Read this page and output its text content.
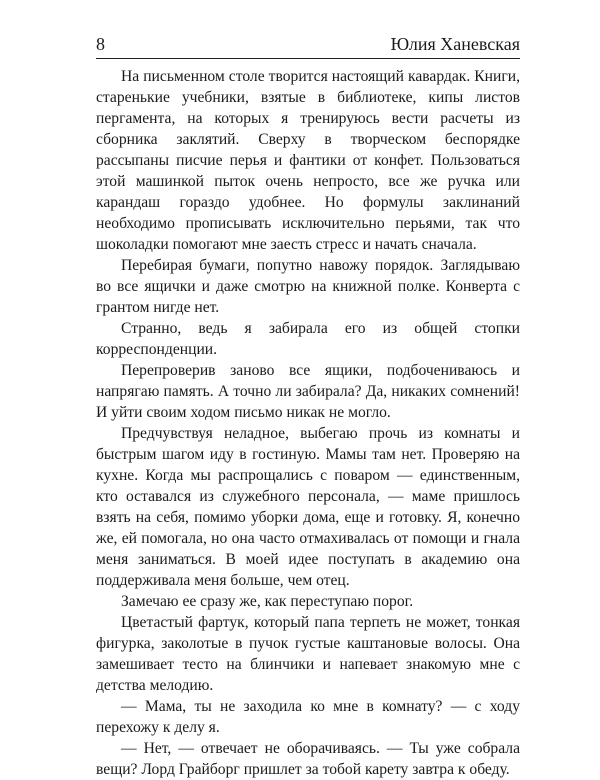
8	Юлия Ханевская

На письменном столе творится настоящий кавардак. Книги, старенькие учебники, взятые в библиотеке, кипы листов пергамента, на которых я тренируюсь вести расчеты из сборника заклятий. Сверху в творческом беспорядке рассыпаны писчие перья и фантики от конфет. Пользоваться этой машинкой пыток очень непросто, все же ручка или карандаш гораздо удобнее. Но формулы заклинаний необходимо прописывать исключительно перьями, так что шоколадки помогают мне заесть стресс и начать сначала.

Перебирая бумаги, попутно навожу порядок. Заглядываю во все ящички и даже смотрю на книжной полке. Конверта с грантом нигде нет.

Странно, ведь я забирала его из общей стопки корреспонденции.

Перепроверив заново все ящики, подбочениваюсь и напрягаю память. А точно ли забирала? Да, никаких сомнений! И уйти своим ходом письмо никак не могло.

Предчувствуя неладное, выбегаю прочь из комнаты и быстрым шагом иду в гостиную. Мамы там нет. Проверяю на кухне. Когда мы распрощались с поваром — единственным, кто оставался из служебного персонала, — маме пришлось взять на себя, помимо уборки дома, еще и готовку. Я, конечно же, ей помогала, но она часто отмахивалась от помощи и гнала меня заниматься. В моей идее поступать в академию она поддерживала меня больше, чем отец.

Замечаю ее сразу же, как переступаю порог.

Цветастый фартук, который папа терпеть не может, тонкая фигурка, заколотые в пучок густые каштановые волосы. Она замешивает тесто на блинчики и напевает знакомую мне с детства мелодию.

— Мама, ты не заходила ко мне в комнату? — с ходу перехожу к делу я.

— Нет, — отвечает не оборачиваясь. — Ты уже собрала вещи? Лорд Грайборг пришлет за тобой карету завтра к обеду.
